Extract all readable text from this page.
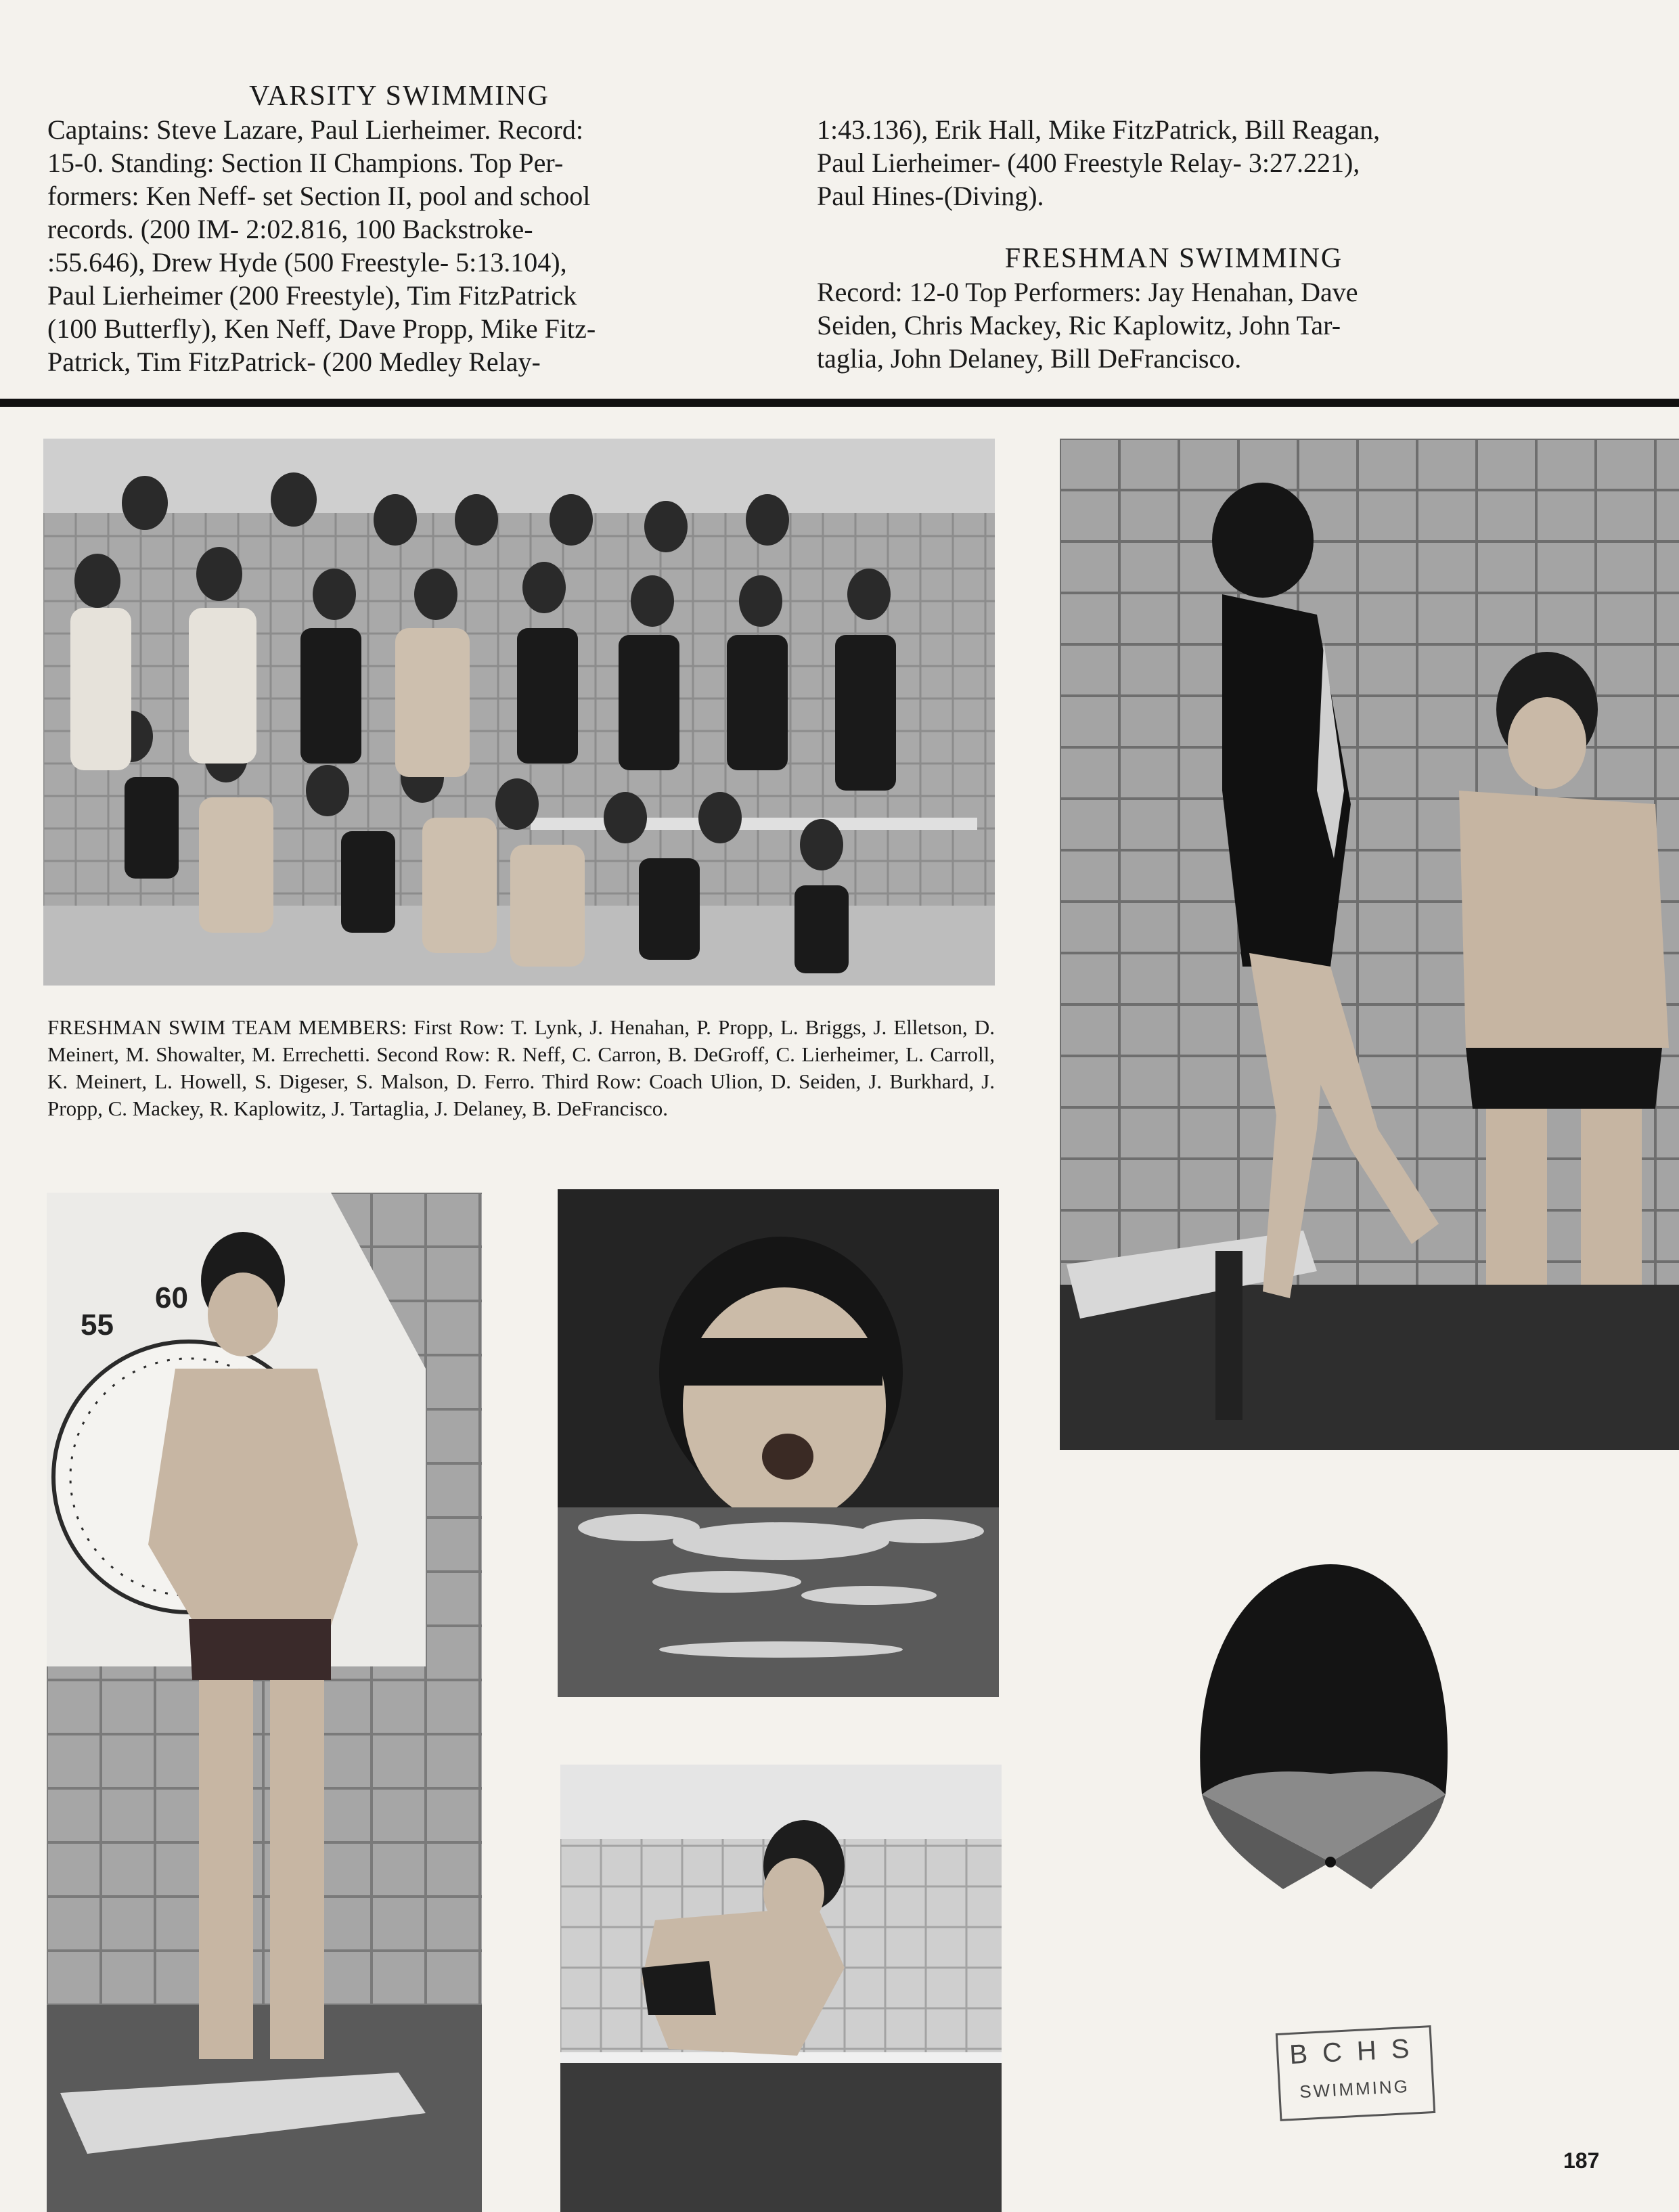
VARSITY SWIMMING
Captains: Steve Lazare, Paul Lierheimer. Record:
15-0. Standing: Section II Champions. Top Per-
formers: Ken Neff- set Section II, pool and school
records. (200 IM- 2:02.816, 100 Backstroke-
:55.646), Drew Hyde (500 Freestyle- 5:13.104),
Paul Lierheimer (200 Freestyle), Tim FitzPatrick
(100 Butterfly), Ken Neff, Dave Propp, Mike Fitz-
Patrick, Tim FitzPatrick- (200 Medley Relay-
1:43.136), Erik Hall, Mike FitzPatrick, Bill Reagan,
Paul Lierheimer- (400 Freestyle Relay- 3:27.221),
Paul Hines-(Diving).
FRESHMAN SWIMMING
Record: 12-0 Top Performers: Jay Henahan, Dave
Seiden, Chris Mackey, Ric Kaplowitz, John Tar-
taglia, John Delaney, Bill DeFrancisco.
55
60
FRESHMAN SWIM TEAM MEMBERS: First Row: T. Lynk, J. Henahan, P. Propp, L. Briggs, J. Elletson, D. Meinert, M. Showalter, M. Errechetti. Second Row: R. Neff, C. Carron, B. DeGroff, C. Lierheimer, L. Carroll, K. Meinert, L. Howell, S. Digeser, S. Malson, D. Ferro. Third Row: Coach Ulion, D. Seiden, J. Burkhard, J. Propp, C. Mackey, R. Kaplowitz, J. Tartaglia, J. Delaney, B. DeFrancisco.
BCHS
SWIMMING
187
